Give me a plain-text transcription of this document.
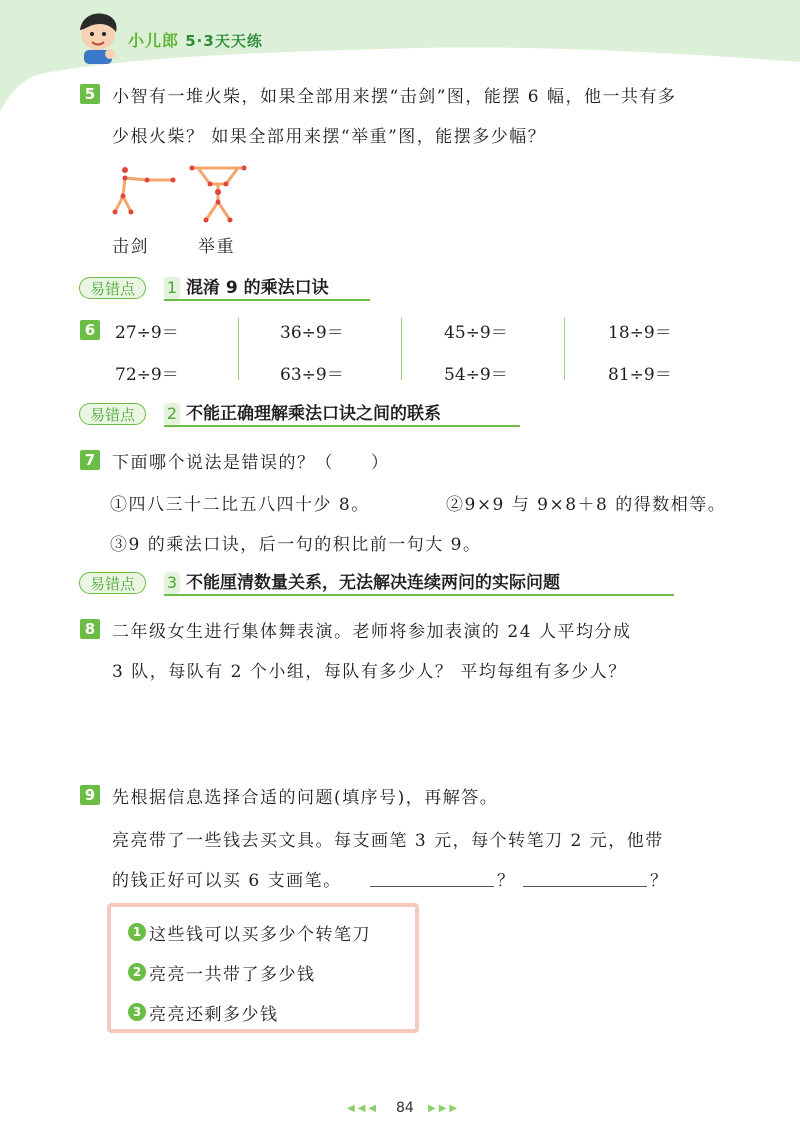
小儿郎 5·3天天练
5 小智有一堆火柴，如果全部用来摆“击剑”图，能摆 6 幅，他一共有多
少根火柴？ 如果全部用来摆“举重”图，能摆多少幅？
击剑	举重
易错点	1 混淆 9 的乘法口诀
6 27÷9＝	36÷9＝	45÷9＝	18÷9＝
72÷9＝	63÷9＝	54÷9＝	81÷9＝
易错点	2 不能正确理解乘法口诀之间的联系
7 下面哪个说法是错误的？（　　）
①四八三十二比五八四十少 8。	②9×9 与 9×8＋8 的得数相等。
③9 的乘法口诀，后一句的积比前一句大 9。
易错点	3 不能厘清数量关系，无法解决连续两问的实际问题
8 二年级女生进行集体舞表演。老师将参加表演的 24 人平均分成
3 队，每队有 2 个小组，每队有多少人？ 平均每组有多少人？
9 先根据信息选择合适的问题(填序号)，再解答。
亮亮带了一些钱去买文具。每支画笔 3 元，每个转笔刀 2 元，他带
的钱正好可以买 6 支画笔。	？	？
1 这些钱可以买多少个转笔刀
2 亮亮一共带了多少钱
3 亮亮还剩多少钱
◀◀◀ 84 ▶▶▶
